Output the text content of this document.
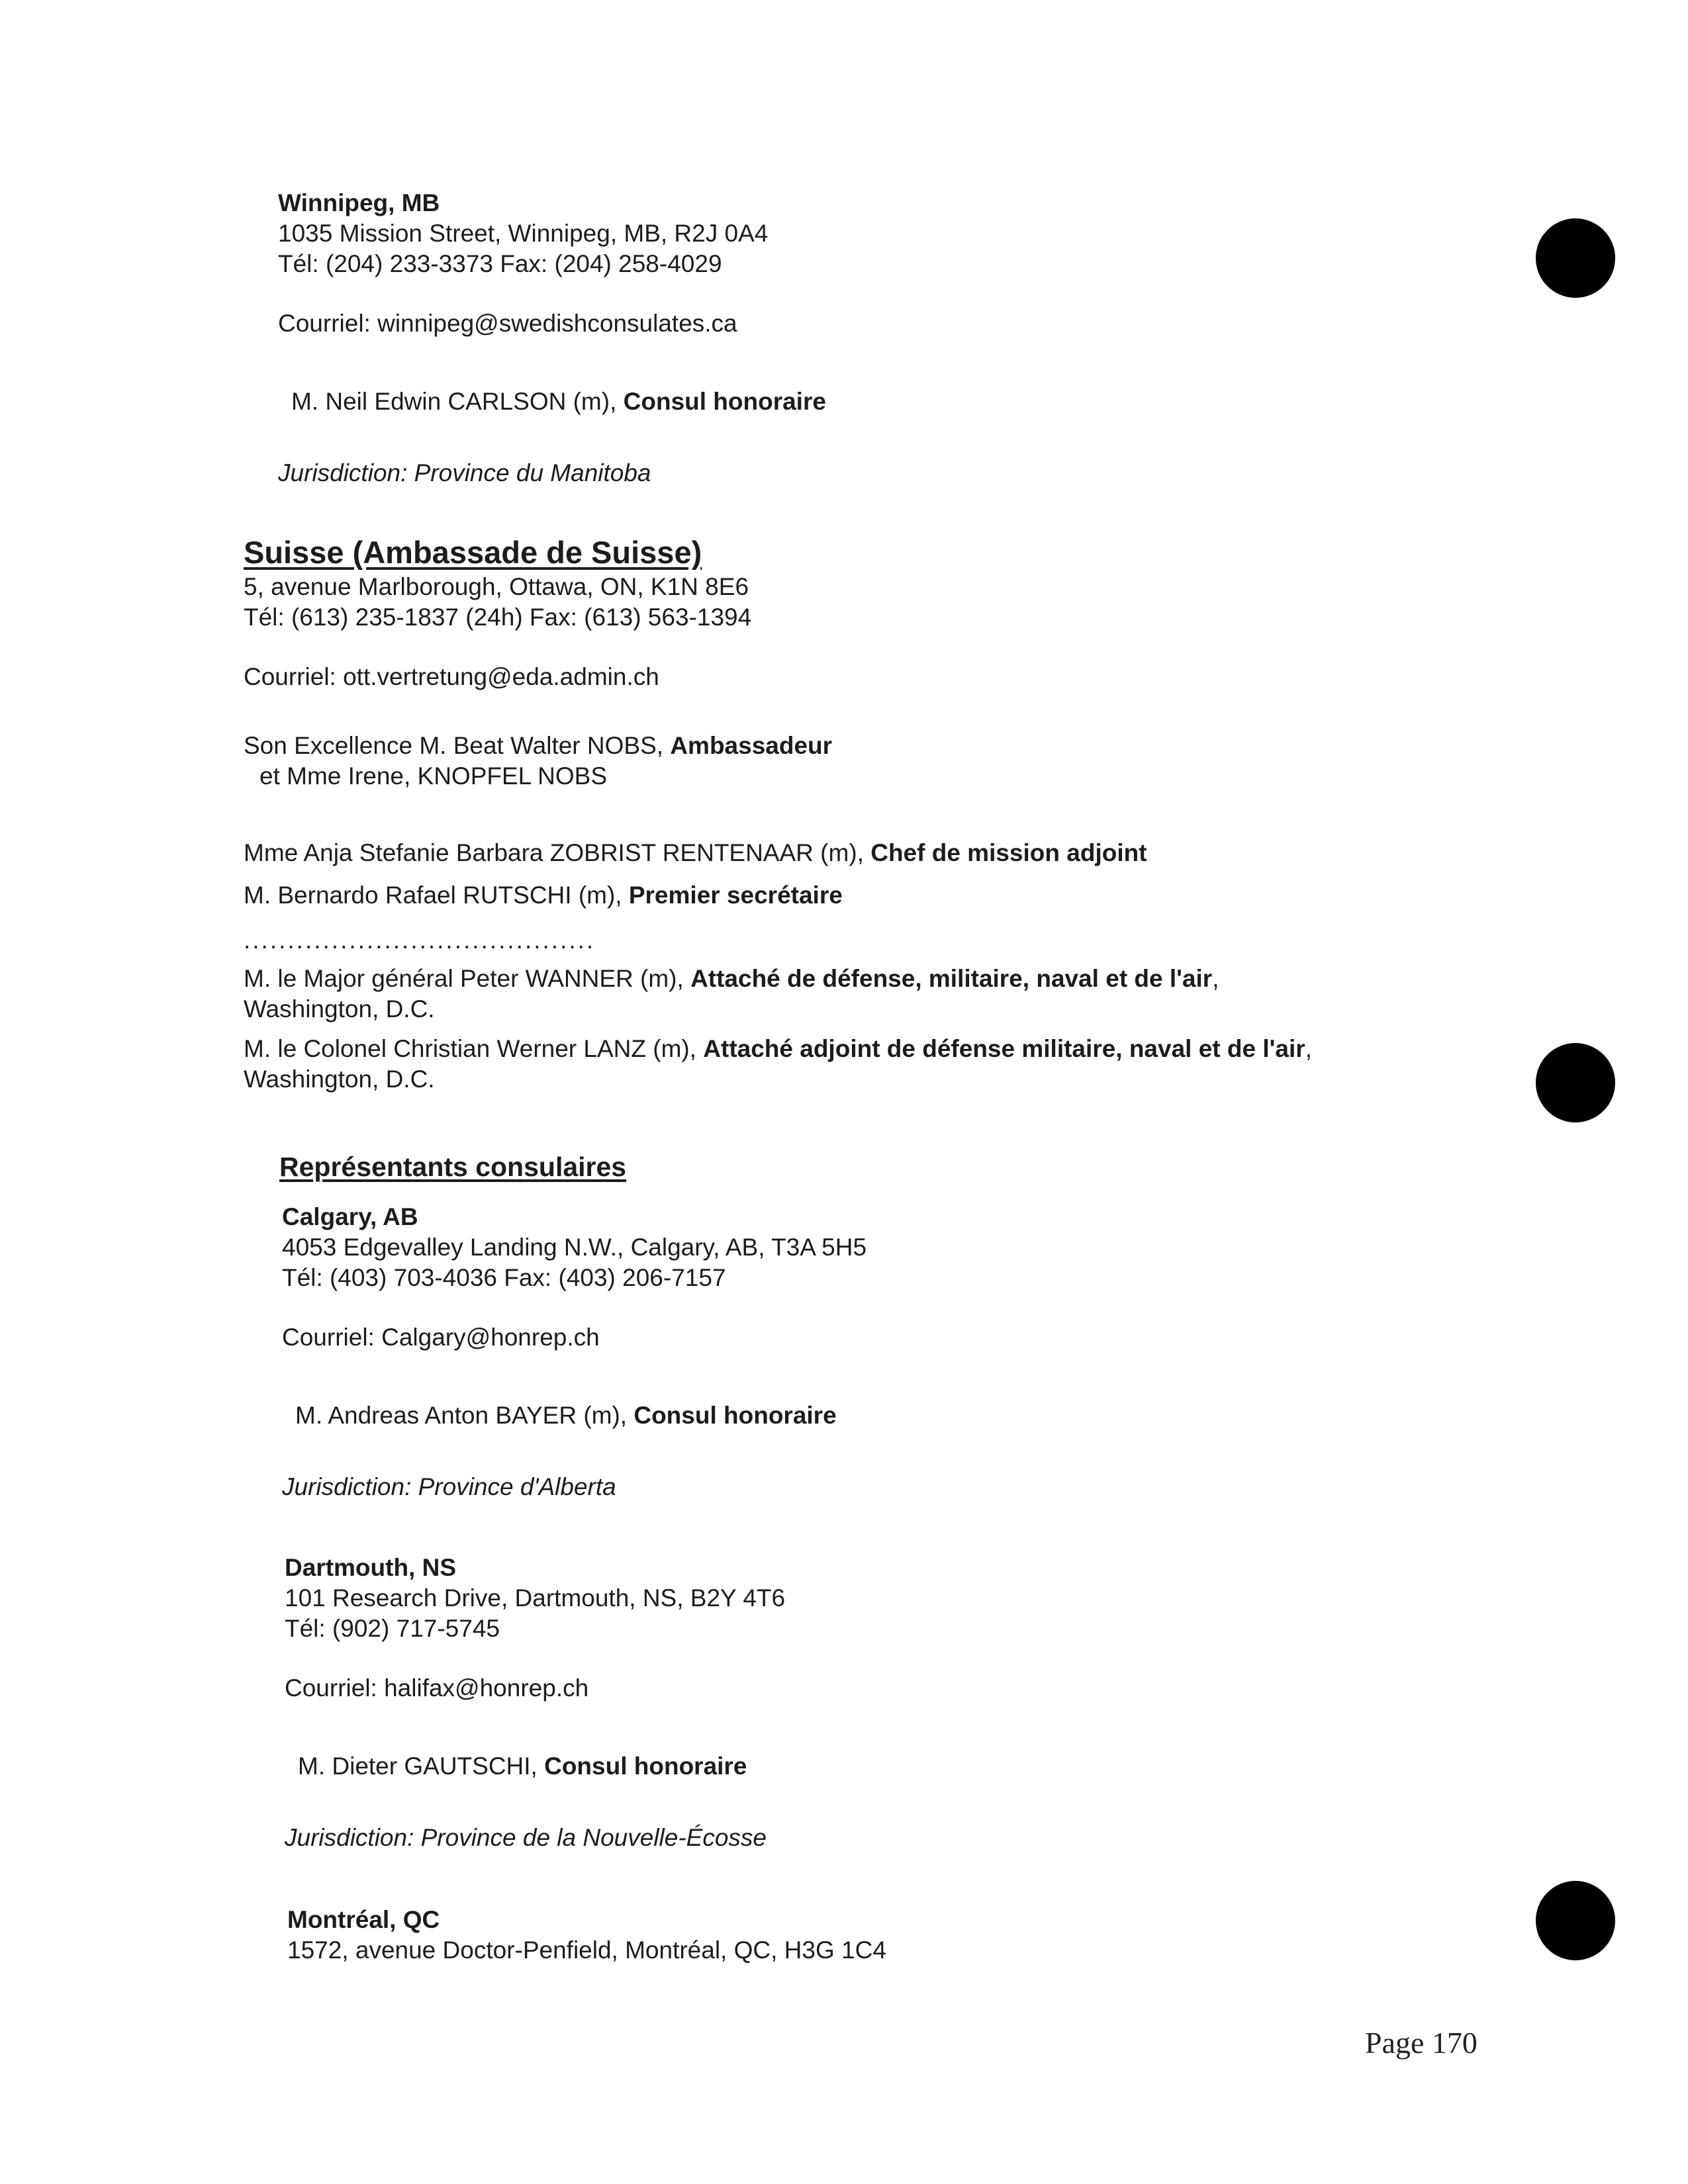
Winnipeg, MB
1035 Mission Street, Winnipeg, MB, R2J 0A4
Tél: (204) 233-3373 Fax: (204) 258-4029
Courriel: winnipeg@swedishconsulates.ca
M. Neil Edwin CARLSON (m), Consul honoraire
Jurisdiction: Province du Manitoba
Suisse (Ambassade de Suisse)
5, avenue Marlborough, Ottawa, ON, K1N 8E6
Tél: (613) 235-1837 (24h) Fax: (613) 563-1394
Courriel: ott.vertretung@eda.admin.ch
Son Excellence M. Beat Walter NOBS, Ambassadeur
et Mme Irene, KNOPFEL NOBS
Mme Anja Stefanie Barbara ZOBRIST RENTENAAR (m), Chef de mission adjoint
M. Bernardo Rafael RUTSCHI (m), Premier secrétaire
........................................
M. le Major général Peter WANNER (m), Attaché de défense, militaire, naval et de l'air,
Washington, D.C.
M. le Colonel Christian Werner LANZ (m), Attaché adjoint de défense militaire, naval et de l'air,
Washington, D.C.
Représentants consulaires
Calgary, AB
4053 Edgevalley Landing N.W., Calgary, AB, T3A 5H5
Tél: (403) 703-4036 Fax: (403) 206-7157
Courriel: Calgary@honrep.ch
M. Andreas Anton BAYER (m), Consul honoraire
Jurisdiction: Province d'Alberta
Dartmouth, NS
101 Research Drive, Dartmouth, NS, B2Y 4T6
Tél: (902) 717-5745
Courriel: halifax@honrep.ch
M. Dieter GAUTSCHI, Consul honoraire
Jurisdiction: Province de la Nouvelle-Écosse
Montréal, QC
1572, avenue Doctor-Penfield, Montréal, QC, H3G 1C4
Page 170
